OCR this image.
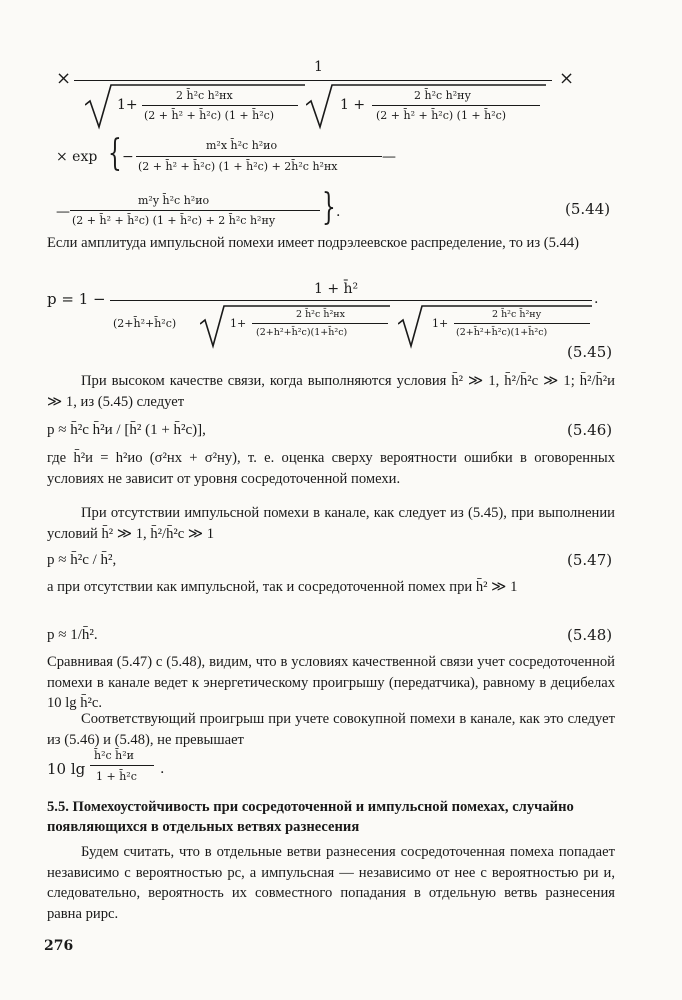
×
1
×
1+
2 h̄²c h²нх
(2 + h̄² + h̄²c) (1 + h̄²c)
1 +
2 h̄²c h²ну
(2 + h̄² + h̄²c) (1 + h̄²c)
× exp { −
m²x h̄²c h²ио
(2 + h̄² + h̄²c) (1 + h̄²c) + 2h̄²c h²нх
—
—
m²y h̄²c h²ио
(2 + h̄² + h̄²c) (1 + h̄²c) + 2 h̄²c h²ну } .	(5.44)

Если амплитуда импульсной помехи имеет подрэлеевское распределение, то из (5.44)

p = 1 −
1 + h̄²
.
(2+h̄²+h̄²c)	1+
2 h̄²c h̄²нх
(2+h²+h̄²c)(1+h̄²c)
1+
2 h̄²c h̄²ну
(2+h̄²+h̄²c)(1+h̄²c)
(5.45)

При высоком качестве связи, когда выполняются условия h̄² ≫ 1, h̄²/h̄²c ≫ 1; h̄²/h̄²и ≫ 1, из (5.45) следует

p ≈ h̄²c h̄²и / [h̄² (1 + h̄²c)],	(5.46)

где h̄²и = h²ио (σ²нх + σ²ну), т. е. оценка сверху вероятности ошибки в оговоренных условиях не зависит от уровня сосредоточенной помехи.

При отсутствии импульсной помехи в канале, как следует из (5.45), при выполнении условий h̄² ≫ 1, h̄²/h̄²c ≫ 1

p ≈ h̄²c / h̄²,	(5.47)

а при отсутствии как импульсной, так и сосредоточенной помех при h̄² ≫ 1

p ≈ 1/h̄².	(5.48)

Сравнивая (5.47) с (5.48), видим, что в условиях качественной связи учет сосредоточенной помехи в канале ведет к энергетическому проигрышу (передатчика), равному в децибелах 10 lg h̄²c.

Соответствующий проигрыш при учете совокупной помехи в канале, как это следует из (5.46) и (5.48), не превышает

10 lg
h̄²c h̄²и
1 + h̄²c .

5.5. Помехоустойчивость при сосредоточенной и импульсной помехах, случайно появляющихся в отдельных ветвях разнесения

Будем считать, что в отдельные ветви разнесения сосредоточенная помеха попадает независимо с вероятностью pc, а импульсная — независимо от нее с вероятностью pи и, следовательно, вероятность их совместного попадания в отдельную ветвь разнесения равна pиpc.

276
